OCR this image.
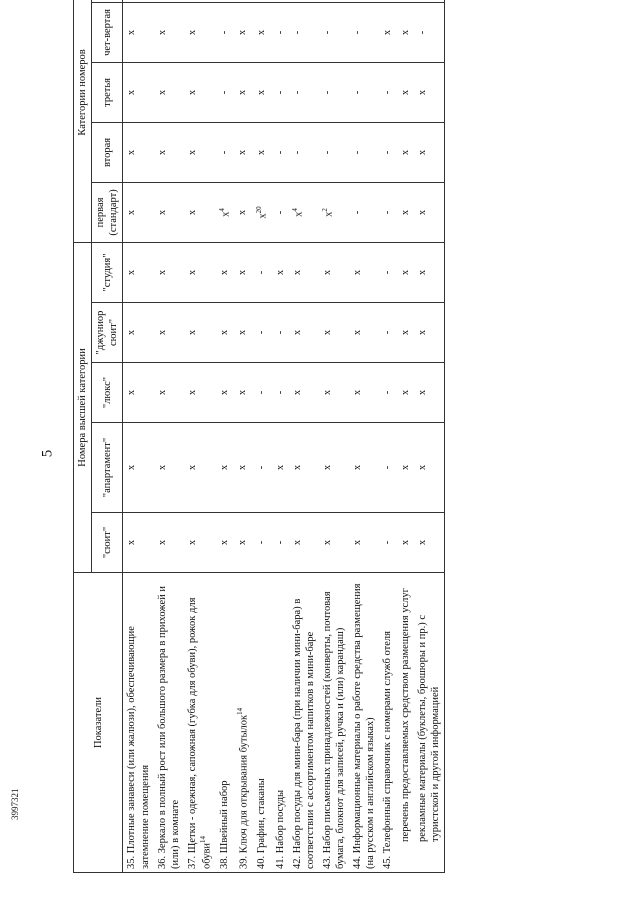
5
3997321
Показатели	Номера высшей категории					Категории номеров				
	"сюит"	"апартамент"	"люкс"	"джуниор сюит"	"студия"	первая (стандарт)	вторая	третья	чет-вертая	
35. Плотные занавеси (или жалюзи), обеспечивающие затемнение помещения	x	x	x	x	x	x	x	x	x	
36. Зеркало в полный рост или большого размера в прихожей и (или) в комнате	x	x	x	x	x	x	x	x	x	
37. Щетки - одежная, сапожная (губка для обуви), рожок для обуви$^{14}$	x	x	x	x	x	x	x	x	x	
38. Швейный набор	x	x	x	x	x	$x^4$	-	-	-	
39. Ключ для открывания бутылок$^{14}$	x	x	x	x	x	x	x	x	x	
40. Графин, стаканы	-	-	-	-	-	$x^{20}$	x	x	x	
41. Набор посуды	-	x	-	-	x	-	-	-	-	
42. Набор посуды для мини-бара (при наличии мини-бара) в соответствии с ассортиментом напитков в мини-баре	x	x	x	x	x	$x^4$	-	-	-	
43. Набор письменных принадлежностей (конверты, почтовая бумага, блокнот для записей, ручка и (или) карандаш)	x	x	x	x	x	$x^2$	-	-	-	
44. Информационные материалы о работе средства размещения (на русском и английском языках)	x	x	x	x	x	-	-	-	-	
45. Телефонный справочник с номерами служб отеля	-	-	-	-	-	-	-	-	x	
перечень предоставляемых средством размещения услуг	x	x	x	x	x	x	x	x	x	
рекламные материалы (буклеты, брошюры и пр.) с туристской и другой информацией	x	x	x	x	x	x	x	x	-	
